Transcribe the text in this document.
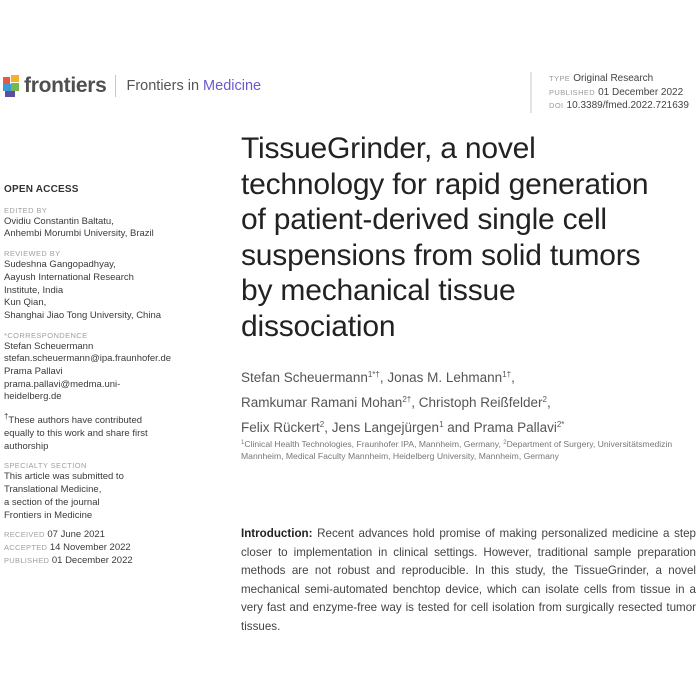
frontiers Frontiers in Medicine	TYPE Original Research
PUBLISHED 01 December 2022
DOI 10.3389/fmed.2022.721639
OPEN ACCESS
EDITED BY
Ovidiu Constantin Baltatu,
Anhembi Morumbi University, Brazil
REVIEWED BY
Sudeshna Gangopadhyay,
Aayush International Research
Institute, India
Kun Qian,
Shanghai Jiao Tong University, China
*CORRESPONDENCE
Stefan Scheuermann
stefan.scheuermann@ipa.fraunhofer.de
Prama Pallavi
prama.pallavi@medma.uni-
heidelberg.de
†These authors have contributed
equally to this work and share first
authorship
SPECIALTY SECTION
This article was submitted to
Translational Medicine,
a section of the journal
Frontiers in Medicine
RECEIVED 07 June 2021
ACCEPTED 14 November 2022
PUBLISHED 01 December 2022
TissueGrinder, a novel
technology for rapid generation
of patient-derived single cell
suspensions from solid tumors
by mechanical tissue
dissociation
Stefan Scheuermann$^{1*\dagger}$, Jonas M. Lehmann$^{1\dagger}$,
Ramkumar Ramani Mohan$^{2\dagger}$, Christoph Reißfelder$^2$,
Felix Rückert$^2$, Jens Langejürgen$^1$ and Prama Pallavi$^{2*}$
$^1$Clinical Health Technologies, Fraunhofer IPA, Mannheim, Germany, $^2$Department of Surgery, Universitätsmedizin Mannheim, Medical Faculty Mannheim, Heidelberg University, Mannheim, Germany
Introduction: Recent advances hold promise of making personalized medicine a step closer to implementation in clinical settings. However, traditional sample preparation methods are not robust and reproducible. In this study, the TissueGrinder, a novel mechanical semi-automated benchtop device, which can isolate cells from tissue in a very fast and enzyme-free way is tested for cell isolation from surgically resected tumor tissues.
